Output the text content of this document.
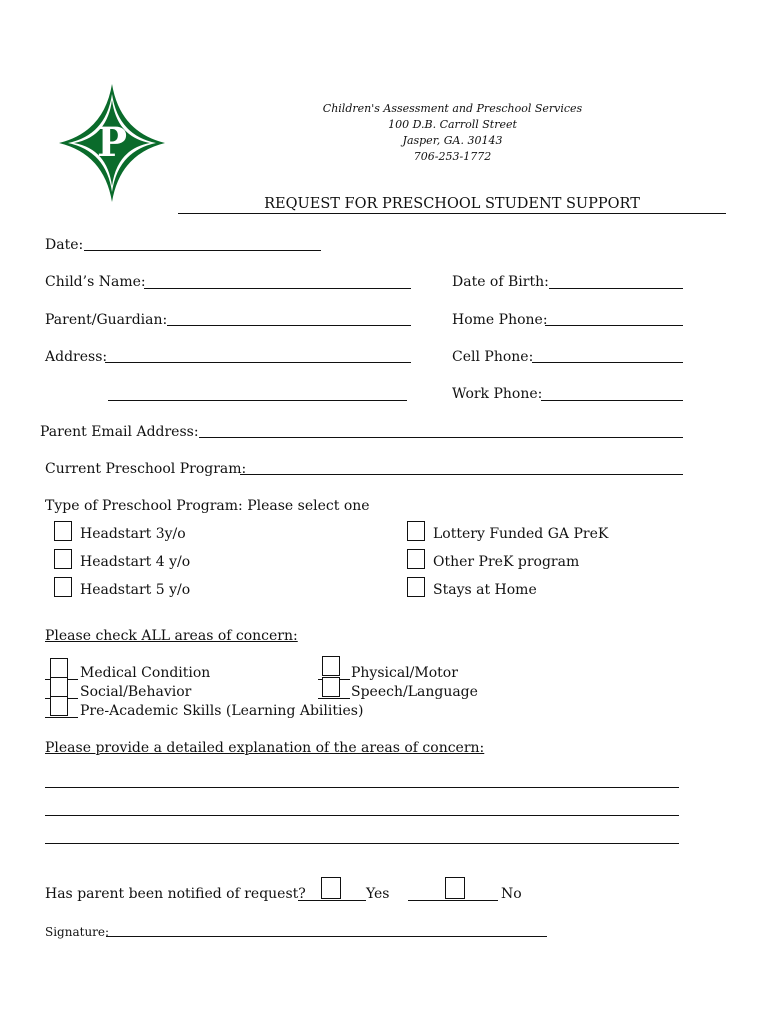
P
Children's Assessment and Preschool Services
100 D.B. Carroll Street
Jasper, GA. 30143
706-253-1772
REQUEST FOR PRESCHOOL STUDENT SUPPORT
Date:
Child’s Name:	Date of Birth:
Parent/Guardian:	Home Phone:
Address:	Cell Phone:
Work Phone:
Parent Email Address:
Current Preschool Program:
Type of Preschool Program: Please select one
Headstart 3y/o
Headstart 4 y/o
Headstart 5 y/o
Lottery Funded GA PreK
Other PreK program
Stays at Home
Please check ALL areas of concern:
Medical Condition
Social/Behavior
Pre-Academic Skills (Learning Abilities)
Physical/Motor
Speech/Language
Please provide a detailed explanation of the areas of concern:
Has parent been notified of request?	Yes	No
Signature:
